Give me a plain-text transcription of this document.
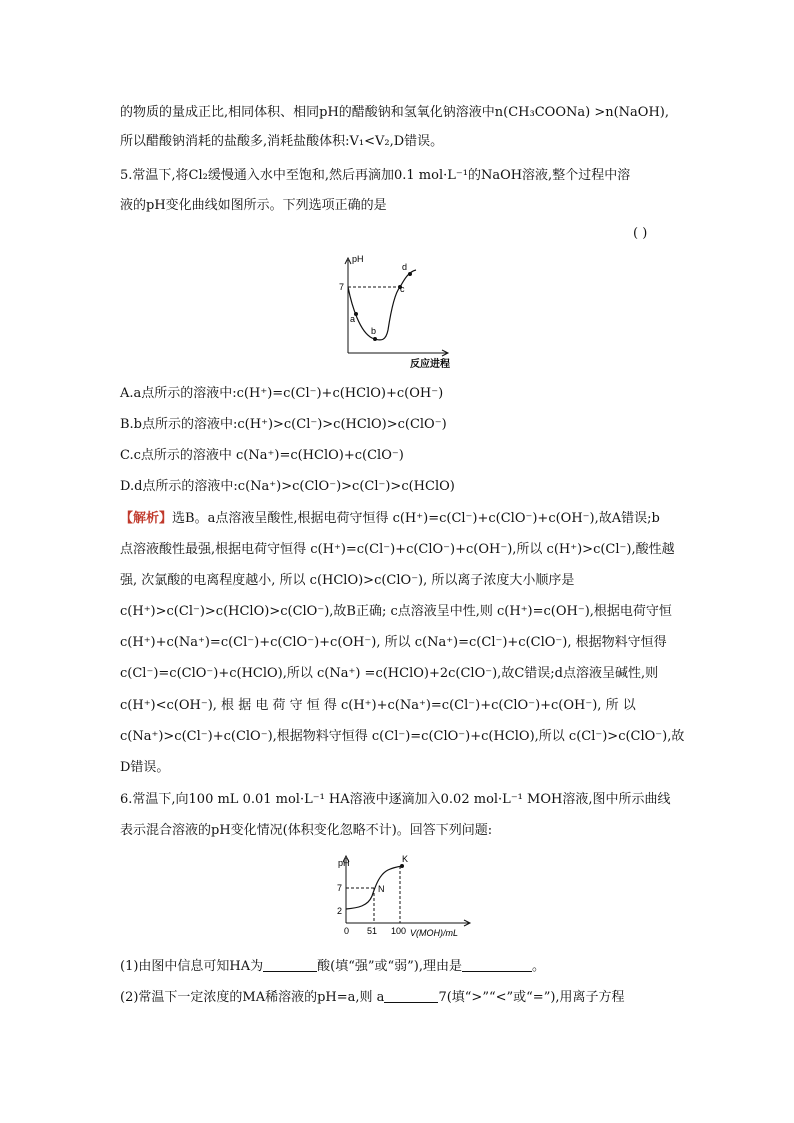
的物质的量成正比,相同体积、相同pH的醋酸钠和氢氧化钠溶液中n(CH₃COONa) >n(NaOH),
所以醋酸钠消耗的盐酸多,消耗盐酸体积:V₁<V₂,D错误。
5.常温下,将Cl₂缓慢通入水中至饱和,然后再滴加0.1 mol·L⁻¹的NaOH溶液,整个过程中溶
液的pH变化曲线如图所示。下列选项正确的是
( )
pH
7
a
b
c
d
反应进程
A.a点所示的溶液中:c(H⁺)=c(Cl⁻)+c(HClO)+c(OH⁻)
B.b点所示的溶液中:c(H⁺)>c(Cl⁻)>c(HClO)>c(ClO⁻)
C.c点所示的溶液中 c(Na⁺)=c(HClO)+c(ClO⁻)
D.d点所示的溶液中:c(Na⁺)>c(ClO⁻)>c(Cl⁻)>c(HClO)
【解析】选B。a点溶液呈酸性,根据电荷守恒得 c(H⁺)=c(Cl⁻)+c(ClO⁻)+c(OH⁻),故A错误;b
点溶液酸性最强,根据电荷守恒得 c(H⁺)=c(Cl⁻)+c(ClO⁻)+c(OH⁻),所以 c(H⁺)>c(Cl⁻),酸性越
强, 次氯酸的电离程度越小, 所以 c(HClO)>c(ClO⁻), 所以离子浓度大小顺序是
c(H⁺)>c(Cl⁻)>c(HClO)>c(ClO⁻),故B正确; c点溶液呈中性,则 c(H⁺)=c(OH⁻),根据电荷守恒
c(H⁺)+c(Na⁺)=c(Cl⁻)+c(ClO⁻)+c(OH⁻), 所以 c(Na⁺)=c(Cl⁻)+c(ClO⁻), 根据物料守恒得
c(Cl⁻)=c(ClO⁻)+c(HClO),所以 c(Na⁺) =c(HClO)+2c(ClO⁻),故C错误;d点溶液呈碱性,则
c(H⁺)<c(OH⁻), 根 据 电 荷 守 恒 得 c(H⁺)+c(Na⁺)=c(Cl⁻)+c(ClO⁻)+c(OH⁻), 所 以
c(Na⁺)>c(Cl⁻)+c(ClO⁻),根据物料守恒得 c(Cl⁻)=c(ClO⁻)+c(HClO),所以 c(Cl⁻)>c(ClO⁻),故
D错误。
6.常温下,向100 mL 0.01 mol·L⁻¹ HA溶液中逐滴加入0.02 mol·L⁻¹ MOH溶液,图中所示曲线
表示混合溶液的pH变化情况(体积变化忽略不计)。回答下列问题:
pH
7
2
0 51 100
N
K
V(MOH)/mL
(1)由图中信息可知HA为	酸(填“强”或“弱”),理由是	。
(2)常温下一定浓度的MA稀溶液的pH=a,则 a	7(填“>”“<”或“=”),用离子方程
